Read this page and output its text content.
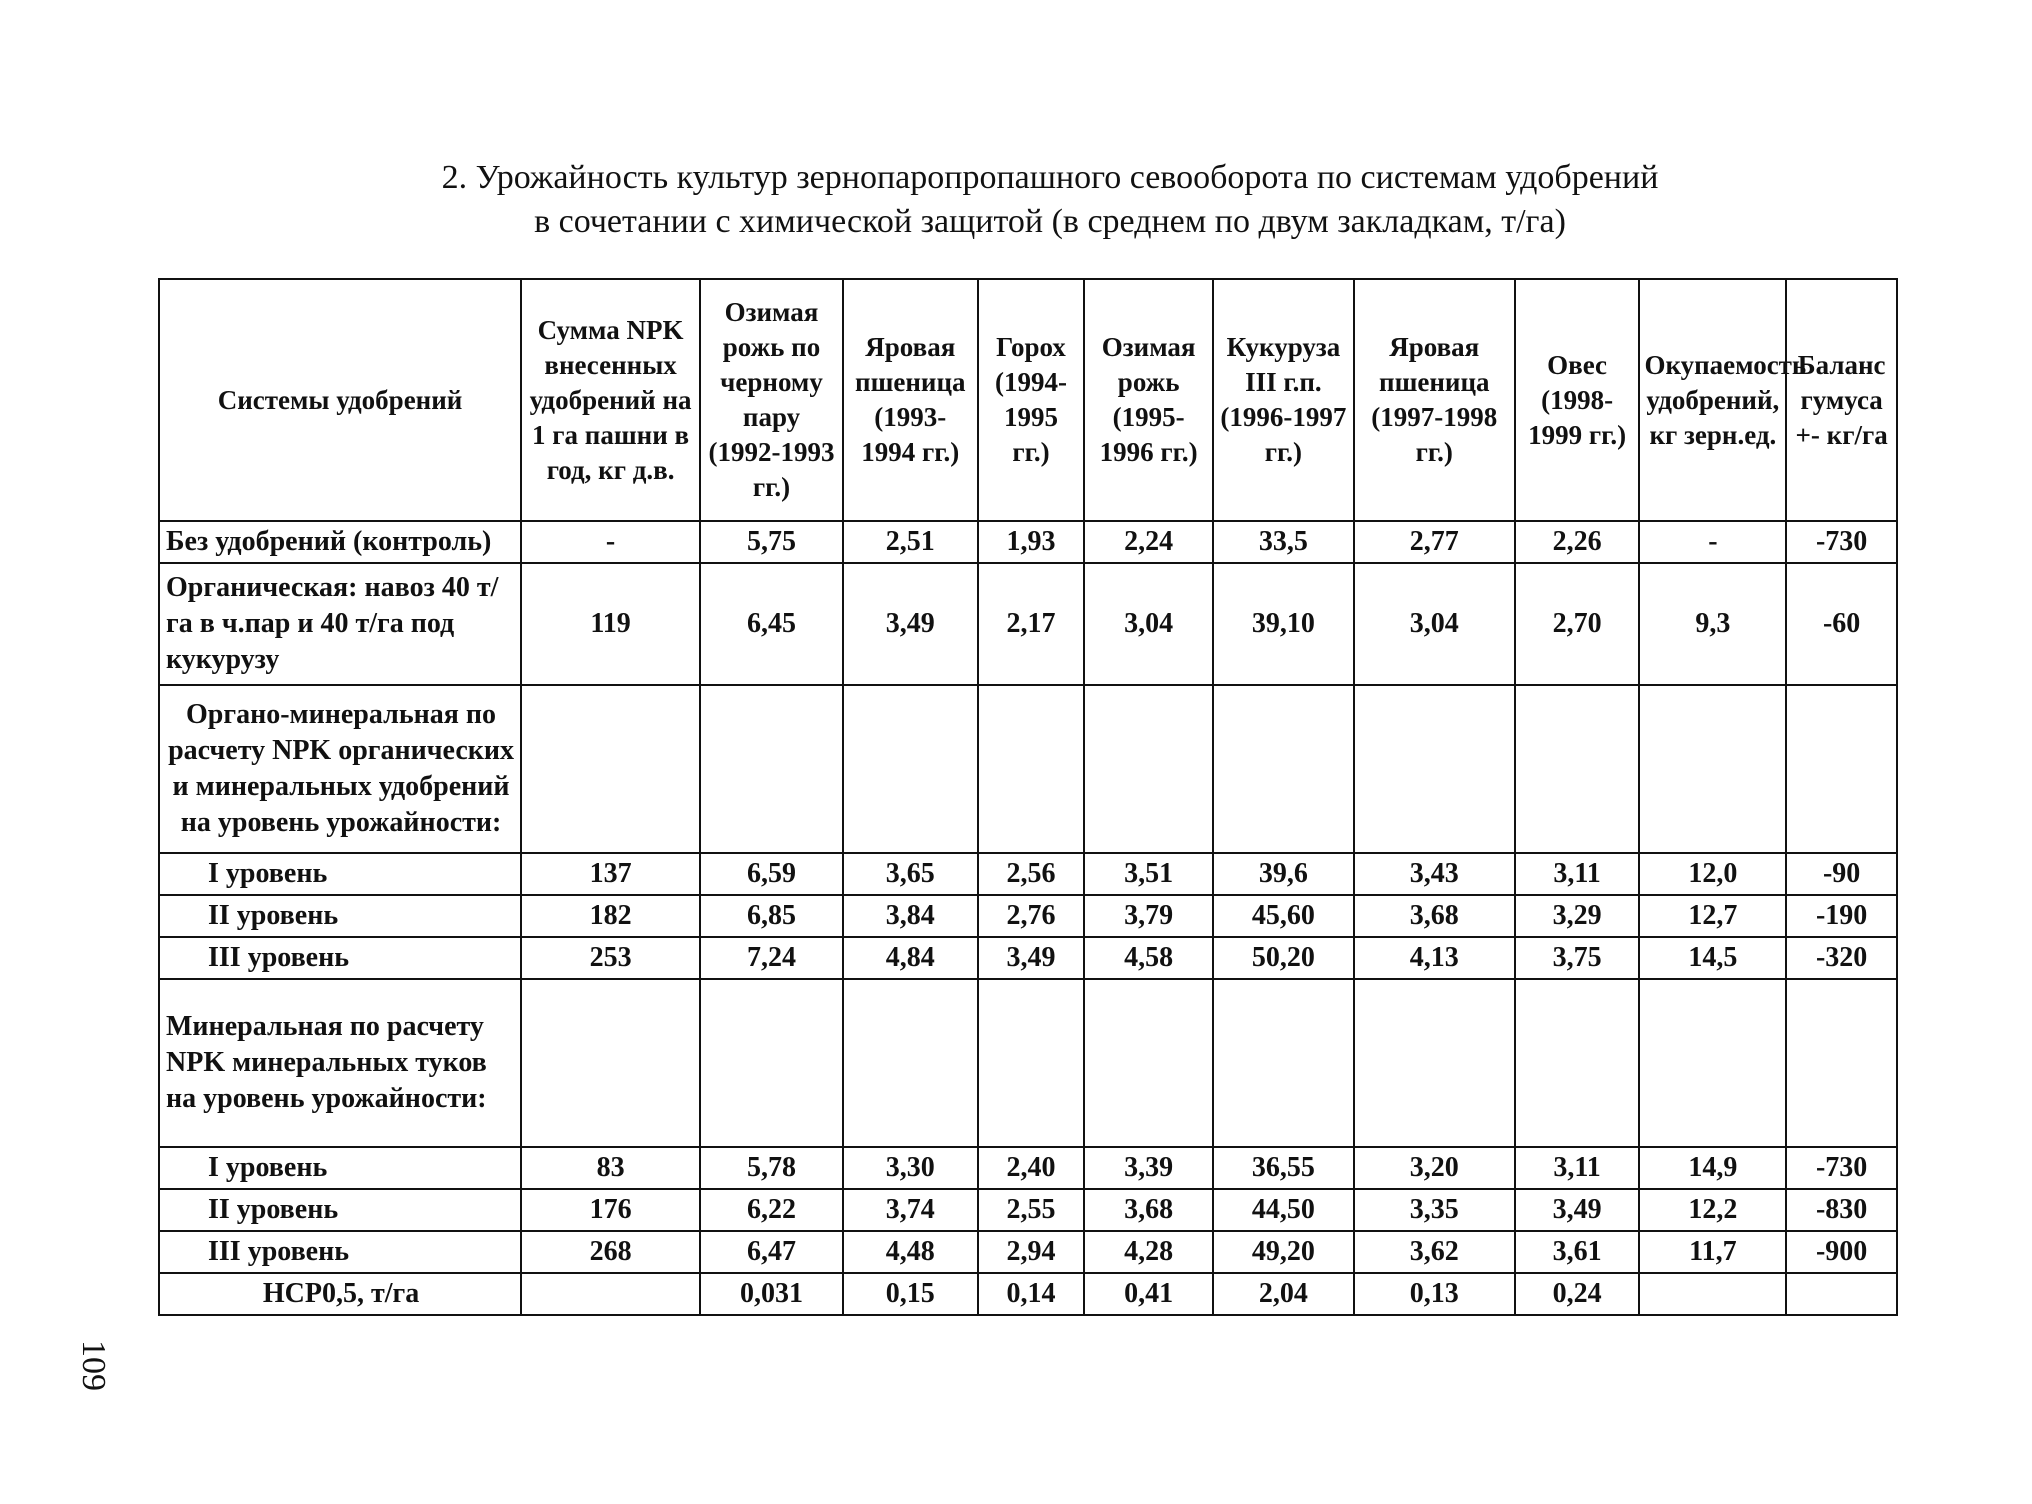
2. Урожайность культур зернопаропропашного севооборота по системам удобрений
в сочетании с химической защитой (в среднем по двум закладкам, т/га)
Системы удобрений	Сумма NPK внесенных удобрений на 1 га пашни в год, кг д.в.	Озимая рожь по черному пару (1992-1993 гг.)	Яровая пшеница (1993-1994 гг.)	Горох (1994-1995 гг.)	Озимая рожь (1995-1996 гг.)	Кукуруза III г.п. (1996-1997 гг.)	Яровая пшеница (1997-1998 гг.)	Овес (1998-1999 гг.)	Окупаемость удобрений, кг зерн.ед.	Баланс гумуса +- кг/га
Без удобрений (контроль)	-	5,75	2,51	1,93	2,24	33,5	2,77	2,26	-	-730
Органическая: навоз 40 т/га в ч.пар и 40 т/га под кукурузу	119	6,45	3,49	2,17	3,04	39,10	3,04	2,70	9,3	-60
Органо-минеральная по расчету NPK органических и минеральных удобрений на уровень урожайности:										
I уровень	137	6,59	3,65	2,56	3,51	39,6	3,43	3,11	12,0	-90
II уровень	182	6,85	3,84	2,76	3,79	45,60	3,68	3,29	12,7	-190
III уровень	253	7,24	4,84	3,49	4,58	50,20	4,13	3,75	14,5	-320
Минеральная по расчету NPK минеральных туков на уровень урожайности:										
I уровень	83	5,78	3,30	2,40	3,39	36,55	3,20	3,11	14,9	-730
II уровень	176	6,22	3,74	2,55	3,68	44,50	3,35	3,49	12,2	-830
III уровень	268	6,47	4,48	2,94	4,28	49,20	3,62	3,61	11,7	-900
НСР0,5, т/га		0,031	0,15	0,14	0,41	2,04	0,13	0,24		
109
